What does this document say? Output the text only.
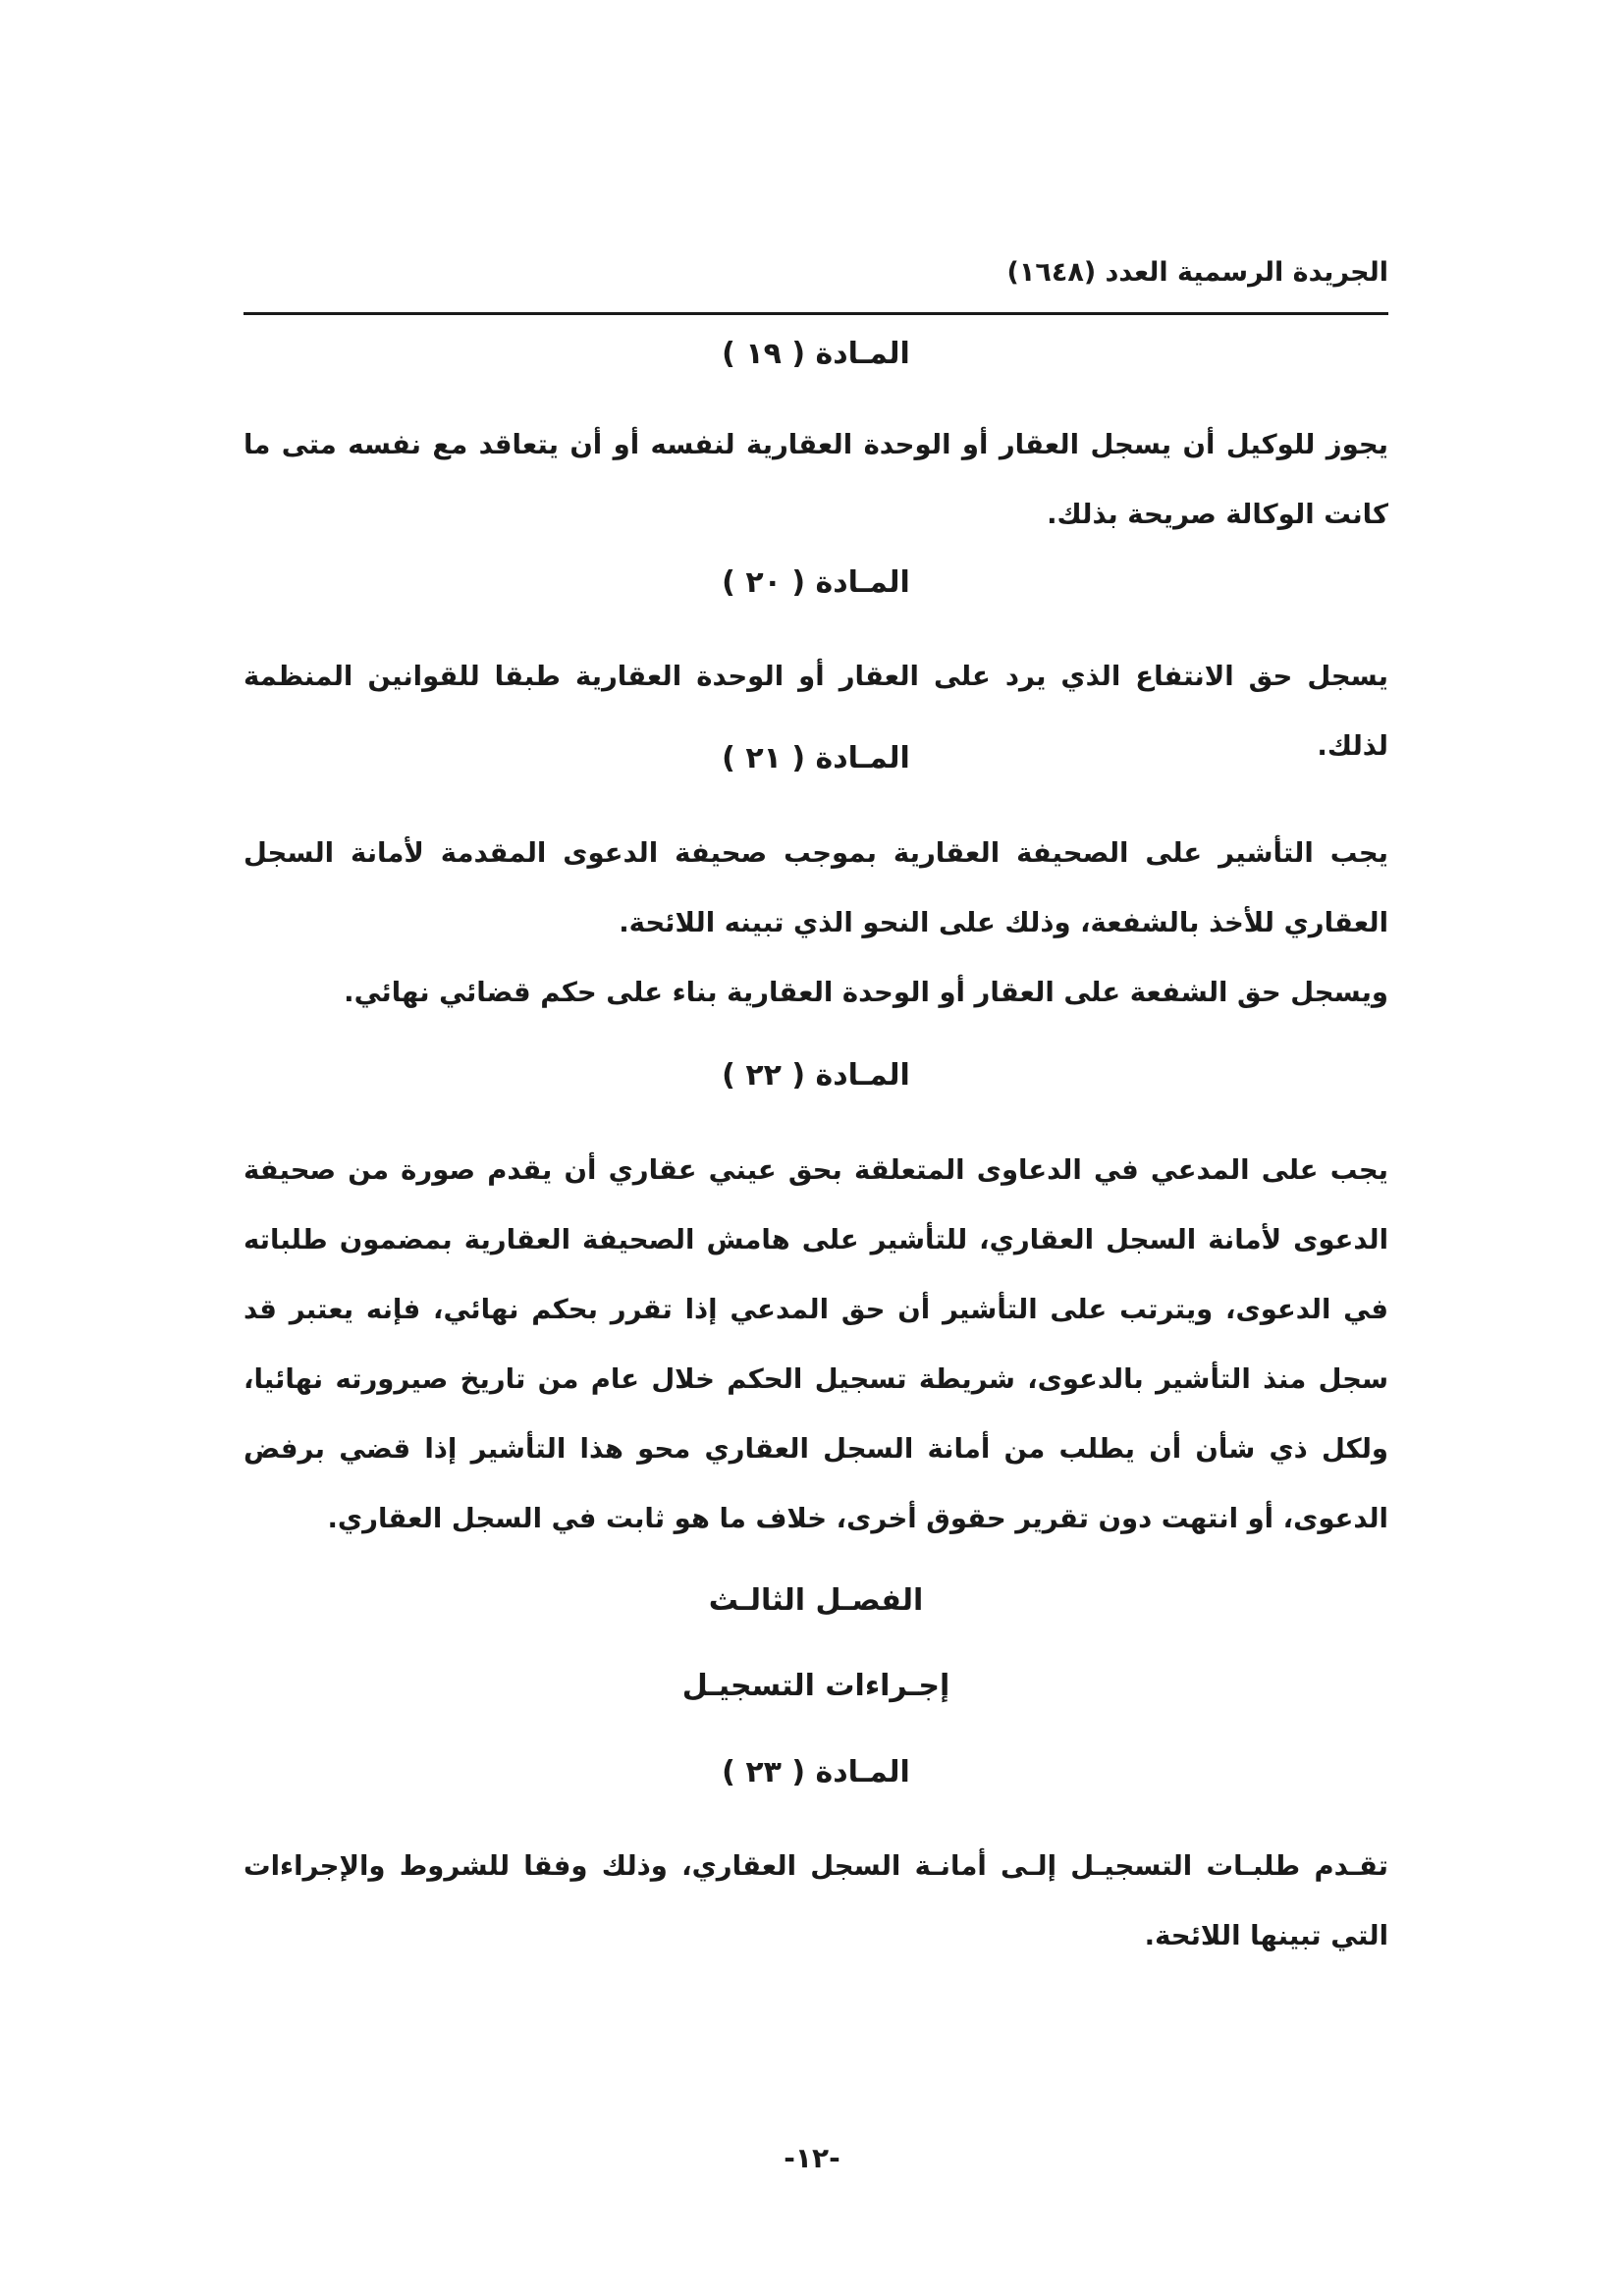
الجريدة الرسمية العدد (١٦٤٨)
المـادة ( ١٩ )

يجوز للوكيل أن يسجل العقار أو الوحدة العقارية لنفسه أو أن يتعاقد مع نفسه متى ما كانت الوكالة صريحة بذلك.

المـادة ( ٢٠ )

يسجل حق الانتفاع الذي يرد على العقار أو الوحدة العقارية طبقا للقوانين المنظمة لذلك.

المـادة ( ٢١ )

يجب التأشير على الصحيفة العقارية بموجب صحيفة الدعوى المقدمة لأمانة السجل العقاري للأخذ بالشفعة، وذلك على النحو الذي تبينه اللائحة.

ويسجل حق الشفعة على العقار أو الوحدة العقارية بناء على حكم قضائي نهائي.

المـادة ( ٢٢ )

يجب على المدعي في الدعاوى المتعلقة بحق عيني عقاري أن يقدم صورة من صحيفة الدعوى لأمانة السجل العقاري، للتأشير على هامش الصحيفة العقارية بمضمون طلباته في الدعوى، ويترتب على التأشير أن حق المدعي إذا تقرر بحكم نهائي، فإنه يعتبر قد سجل منذ التأشير بالدعوى، شريطة تسجيل الحكم خلال عام من تاريخ صيرورته نهائيا، ولكل ذي شأن أن يطلب من أمانة السجل العقاري محو هذا التأشير إذا قضي برفض الدعوى، أو انتهت دون تقرير حقوق أخرى، خلاف ما هو ثابت في السجل العقاري.

الفصـل الثالـث
إجـراءات التسجيـل
المـادة ( ٢٣ )

تقـدم طلبـات التسجيـل إلـى أمانـة السجل العقاري، وذلك وفقا للشروط والإجراءات التي تبينها اللائحة.

-١٢-
